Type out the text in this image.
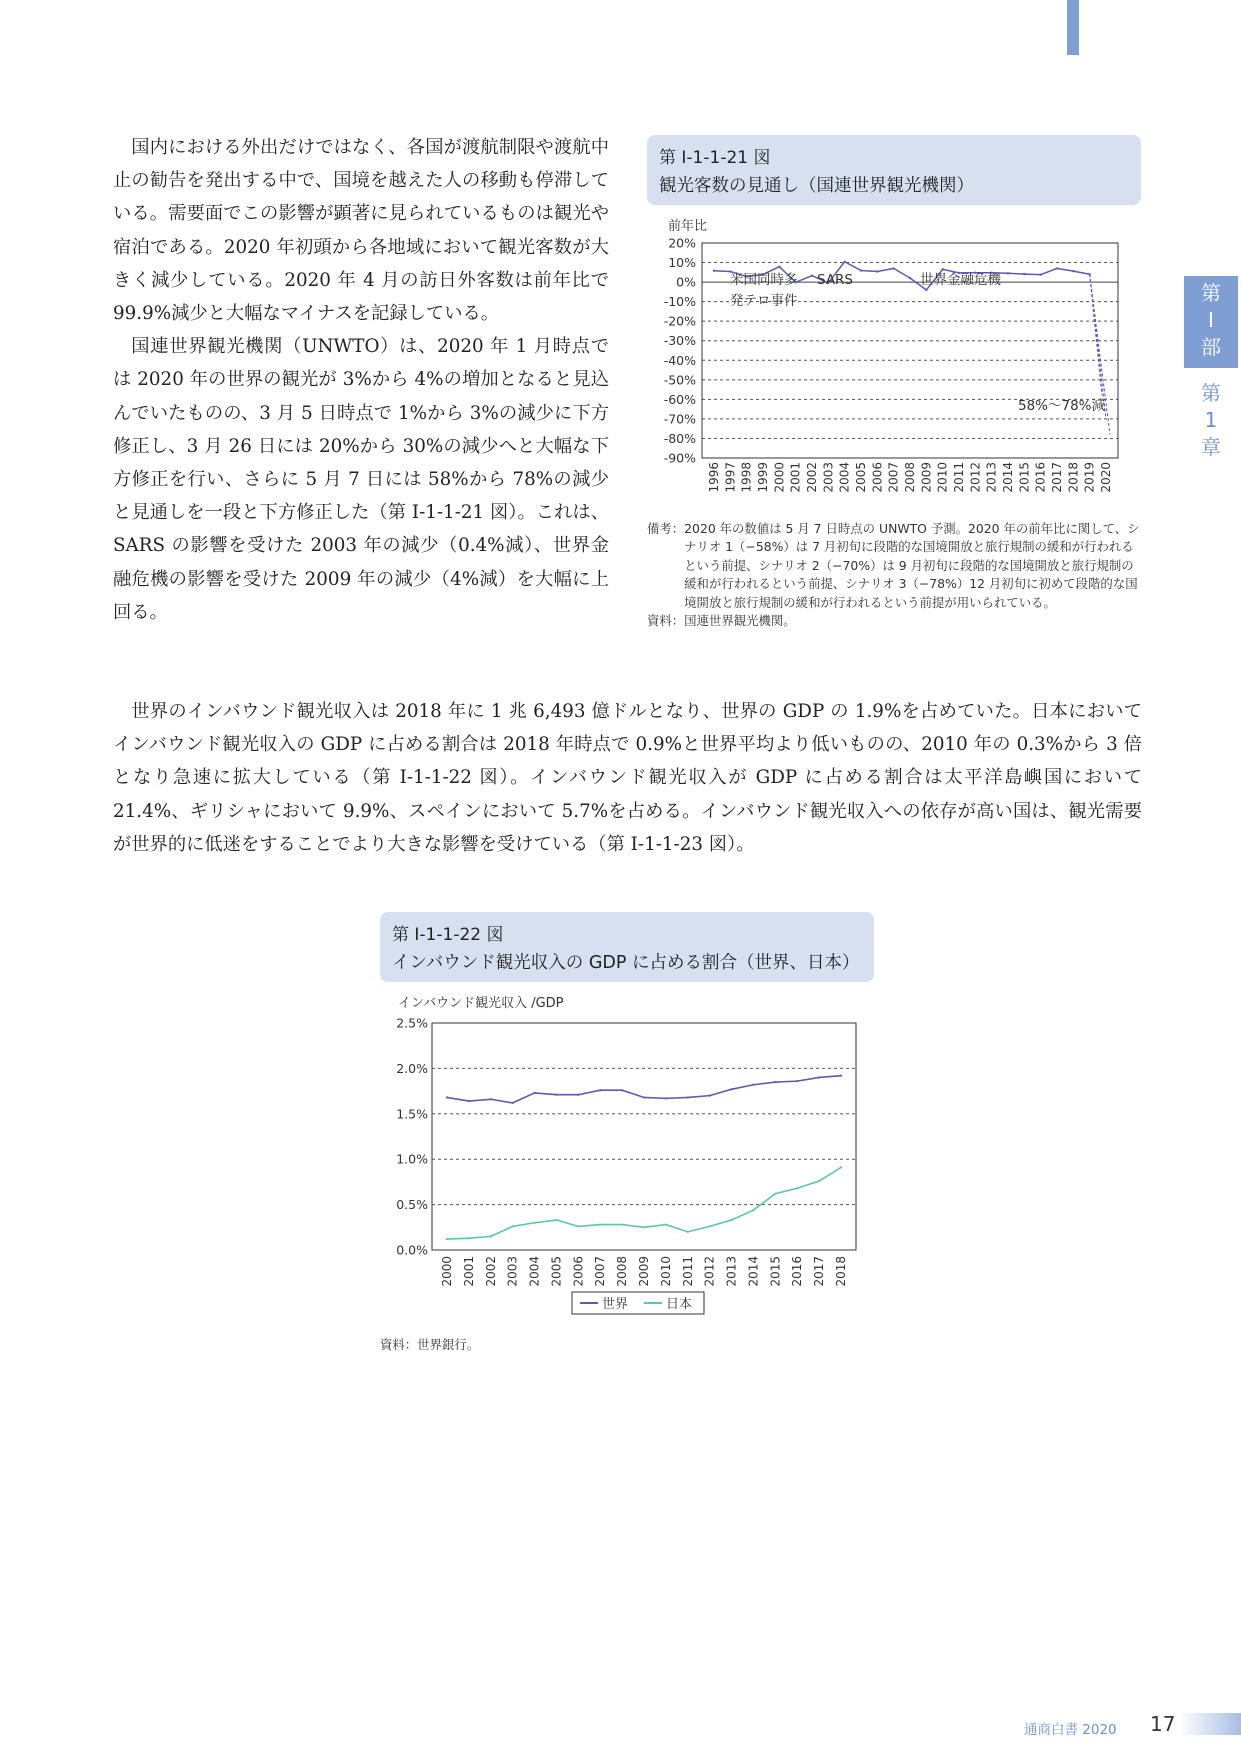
第
I
部
第
1
章

国内における外出だけではなく、各国が渡航制限や渡航中止の勧告を発出する中で、国境を越えた人の移動も停滞している。需要面でこの影響が顕著に見られているものは観光や宿泊である。2020 年初頭から各地域において観光客数が大きく減少している。2020 年 4 月の訪日外客数は前年比で 99.9%減少と大幅なマイナスを記録している。

国連世界観光機関（UNWTO）は、2020 年 1 月時点では 2020 年の世界の観光が 3%から 4%の増加となると見込んでいたものの、3 月 5 日時点で 1%から 3%の減少に下方修正し、3 月 26 日には 20%から 30%の減少へと大幅な下方修正を行い、さらに 5 月 7 日には 58%から 78%の減少と見通しを一段と下方修正した（第 I-1-1-21 図）。これは、SARS の影響を受けた 2003 年の減少（0.4%減）、世界金融危機の影響を受けた 2009 年の減少（4%減）を大幅に上回る。

第 I-1-1-21 図
観光客数の見通し（国連世界観光機関）
前年比
20%
10%
0%
-10%
-20%
-30%
-40%
-50%
-60%
-70%
-80%
-90%
1996 1997 1998 1999 2000 2001 2002 2003 2004 2005 2006 2007 2008 2009 2010 2011 2012 2013 2014 2015 2016 2017 2018 2019 2020
米国同時多
発テロ事件
SARS	世界金融危機
58%～78%減
備考： 2020 年の数値は 5 月 7 日時点の UNWTO 予測。2020 年の前年比に関して、シナリオ 1（−58%）は 7 月初旬に段階的な国境開放と旅行規制の緩和が行われるという前提、シナリオ 2（−70%）は 9 月初旬に段階的な国境開放と旅行規制の緩和が行われるという前提、シナリオ 3（−78%）12 月初旬に初めて段階的な国境開放と旅行規制の緩和が行われるという前提が用いられている。
資料： 国連世界観光機関。

世界のインバウンド観光収入は 2018 年に 1 兆 6,493 億ドルとなり、世界の GDP の 1.9%を占めていた。日本においてインバウンド観光収入の GDP に占める割合は 2018 年時点で 0.9%と世界平均より低いものの、2010 年の 0.3%から 3 倍となり急速に拡大している（第 I-1-1-22 図）。インバウンド観光収入が GDP に占める割合は太平洋島嶼国において 21.4%、ギリシャにおいて 9.9%、スペインにおいて 5.7%を占める。インバウンド観光収入への依存が高い国は、観光需要が世界的に低迷をすることでより大きな影響を受けている（第 I-1-1-23 図）。

第 I-1-1-22 図
インバウンド観光収入の GDP に占める割合（世界、日本）
インバウンド観光収入 /GDP
2.5%
2.0%
1.5%
1.0%
0.5%
0.0%
2000 2001 2002 2003 2004 2005 2006 2007 2008 2009 2010 2011 2012 2013 2014 2015 2016 2017 2018
世界	日本
資料：世界銀行。
通商白書 2020 17
